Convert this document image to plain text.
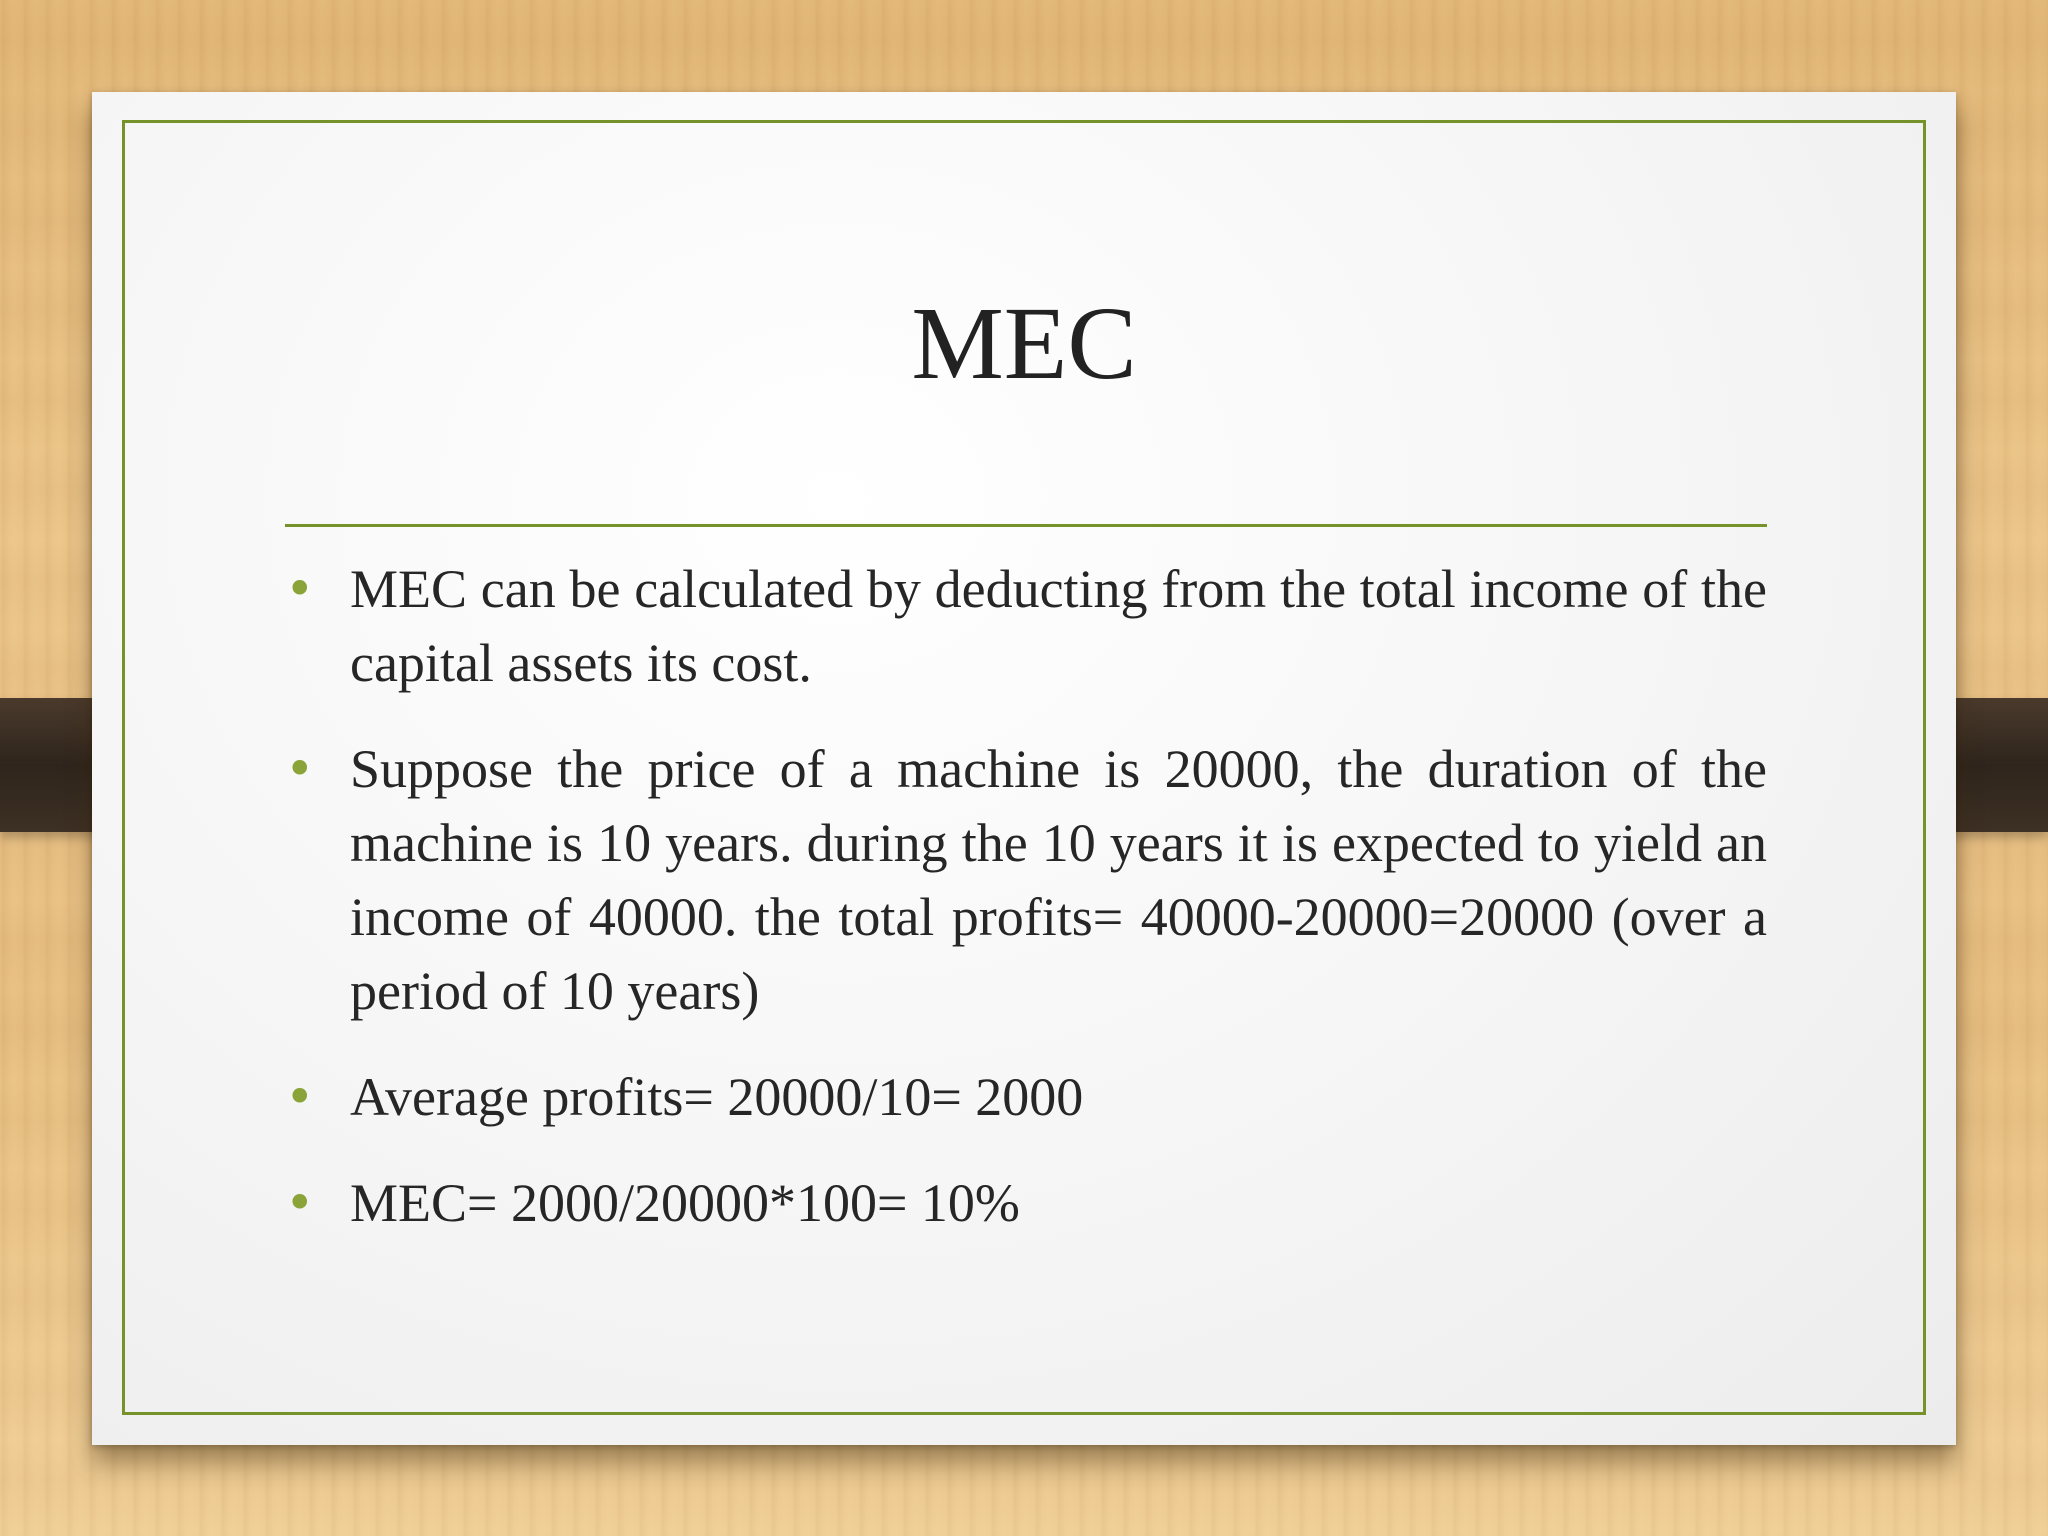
MEC
• MEC can be calculated by deducting from the total income of the capital assets its cost.
• Suppose the price of a machine is 20000, the duration of the machine is 10 years. during the 10 years it is expected to yield an income of 40000. the total profits= 40000-20000=20000 (over a period of 10 years)
• Average profits= 20000/10= 2000
• MEC= 2000/20000*100= 10%
